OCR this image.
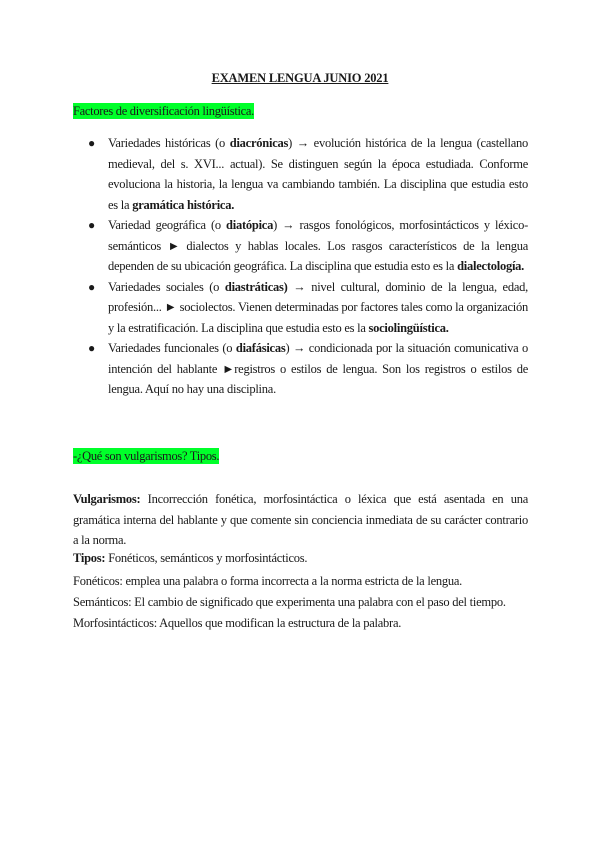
EXAMEN LENGUA JUNIO 2021
Factores de diversificación lingüística.
● Variedades históricas (o diacrónicas) → evolución histórica de la lengua (castellano medieval, del s. XVI... actual). Se distinguen según la época estudiada. Conforme evoluciona la historia, la lengua va cambiando también. La disciplina que estudia esto es la gramática histórica.
● Variedad geográfica (o diatópica) → rasgos fonológicos, morfosintácticos y léxico-semánticos ► dialectos y hablas locales. Los rasgos característicos de la lengua dependen de su ubicación geográfica. La disciplina que estudia esto es la dialectología.
● Variedades sociales (o diastráticas) → nivel cultural, dominio de la lengua, edad, profesión... ► sociolectos. Vienen determinadas por factores tales como la organización y la estratificación. La disciplina que estudia esto es la sociolingüística.
● Variedades funcionales (o diafásicas) → condicionada por la situación comunicativa o intención del hablante ►registros o estilos de lengua. Son los registros o estilos de lengua. Aquí no hay una disciplina.
-¿Qué son vulgarismos? Tipos.
Vulgarismos: Incorrección fonética, morfosintáctica o léxica que está asentada en una gramática interna del hablante y que comente sin conciencia inmediata de su carácter contrario a la norma.
Tipos: Fonéticos, semánticos y morfosintácticos.
Fonéticos: emplea una palabra o forma incorrecta a la norma estricta de la lengua.
Semánticos: El cambio de significado que experimenta una palabra con el paso del tiempo.
Morfosintácticos: Aquellos que modifican la estructura de la palabra.
